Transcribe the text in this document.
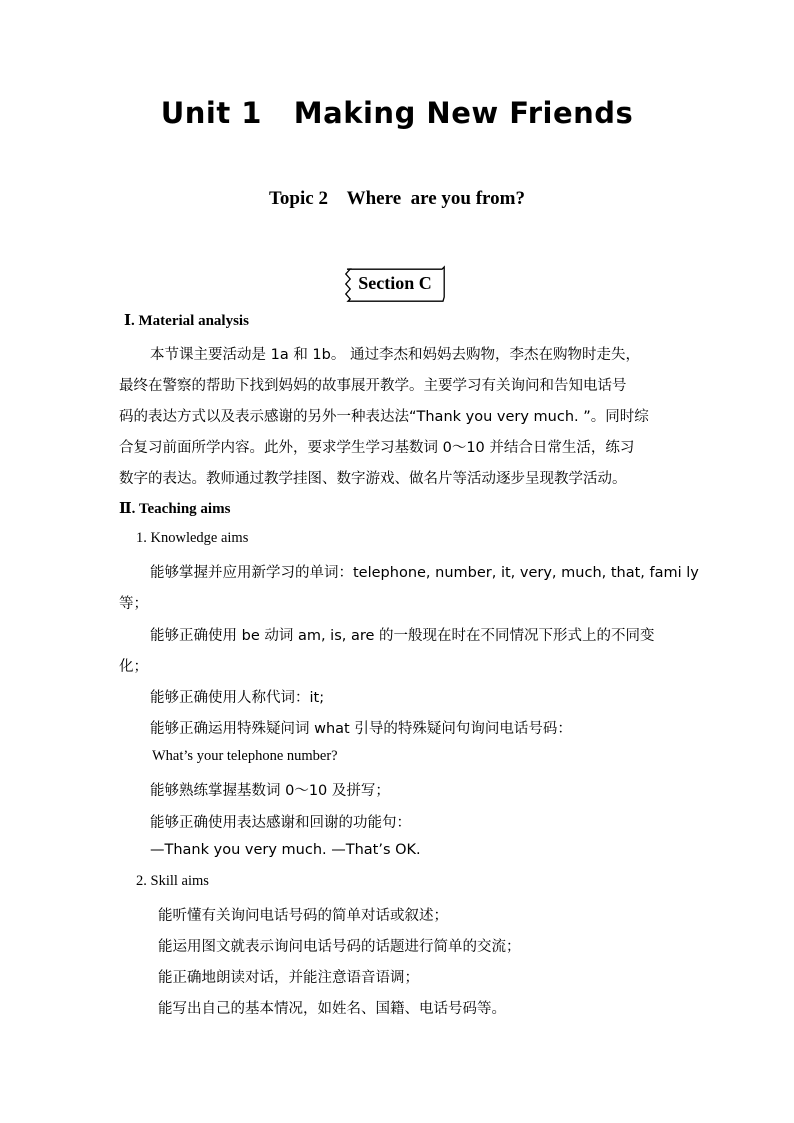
Unit 1   Making New Friends
Topic 2    Where  are you from?
Section C
Ⅰ. Material analysis
本节课主要活动是 1a 和 1b。 通过李杰和妈妈去购物，李杰在购物时走失，
最终在警察的帮助下找到妈妈的故事展开教学。主要学习有关询问和告知电话号
码的表达方式以及表示感谢的另外一种表达法“Thank you very much. ”。同时综
合复习前面所学内容。此外，要求学生学习基数词 0～10 并结合日常生活，练习
数字的表达。教师通过教学挂图、数字游戏、做名片等活动逐步呈现教学活动。
Ⅱ. Teaching aims
1. Knowledge aims
能够掌握并应用新学习的单词：telephone, number, it, very, much, that, fami ly
等；
能够正确使用 be 动词 am, is, are 的一般现在时在不同情况下形式上的不同变
化；
能够正确使用人称代词：it;
能够正确运用特殊疑问词 what 引导的特殊疑问句询问电话号码：
What’s your telephone number?
能够熟练掌握基数词 0～10 及拼写；
能够正确使用表达感谢和回谢的功能句：
—Thank you very much. —That’s OK.
2. Skill aims
能听懂有关询问电话号码的简单对话或叙述；
能运用图文就表示询问电话号码的话题进行简单的交流；
能正确地朗读对话，并能注意语音语调；
能写出自己的基本情况，如姓名、国籍、电话号码等。
